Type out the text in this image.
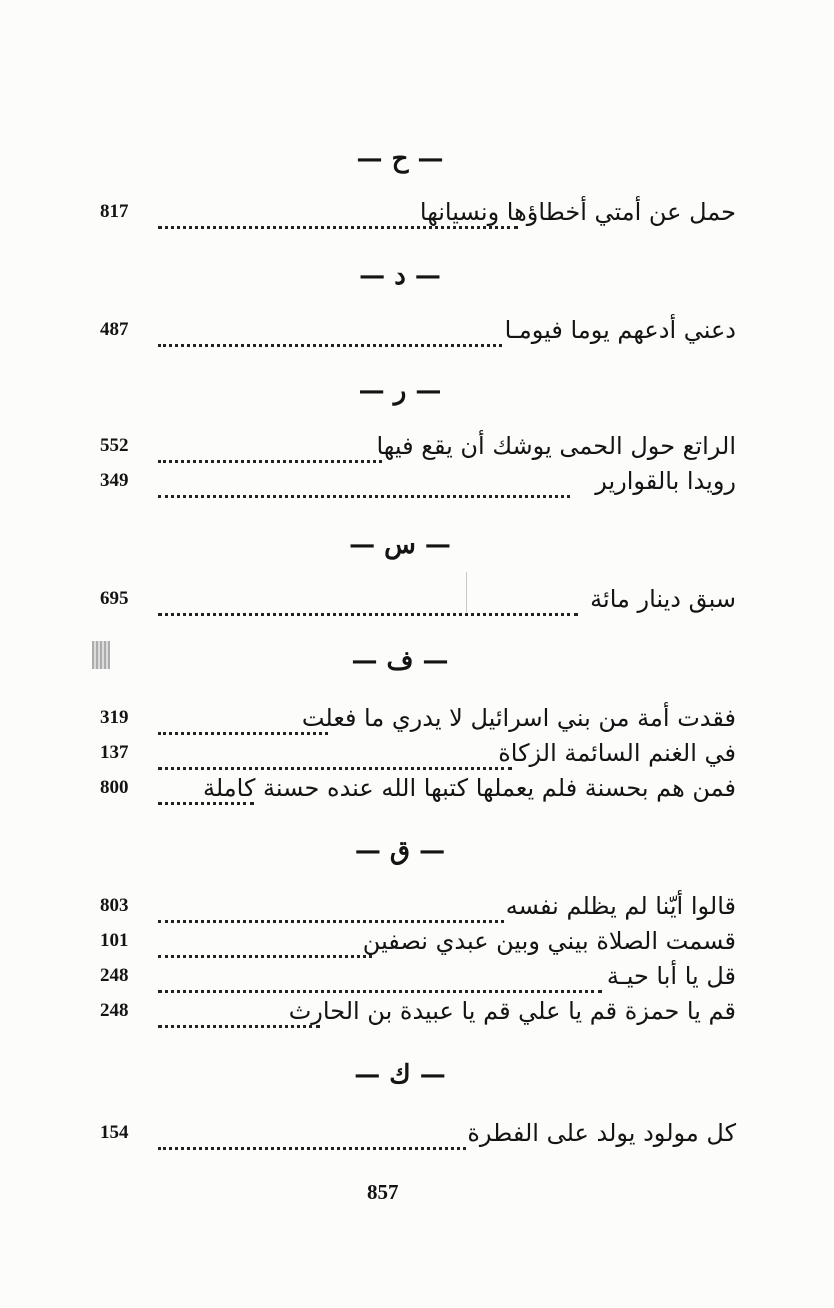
— ح —
817	حمل عن أمتي أخطاؤها ونسيانها
— د —
487	دعني أدعهم يوما فيومـا
— ر —
552	الراتع حول الحمى يوشك أن يقع فيها
349	رويدا بالقوارير
— س —
695	سبق دينار مائة
— ف —
319	فقدت أمة من بني اسرائيل لا يدري ما فعلت
137	في الغنم السائمة الزكاة
800	فمن هم بحسنة فلم يعملها كتبها الله عنده حسنة كاملة
— ق —
803	قالوا أيّنا لم يظلم نفسه
101	قسمت الصلاة بيني وبين عبدي نصفين
248	قل يا أبا حيـة
248	قم يا حمزة قم يا علي قم يا عبيدة بن الحارث
— ك —
154	كل مولود يولد على الفطرة
857
